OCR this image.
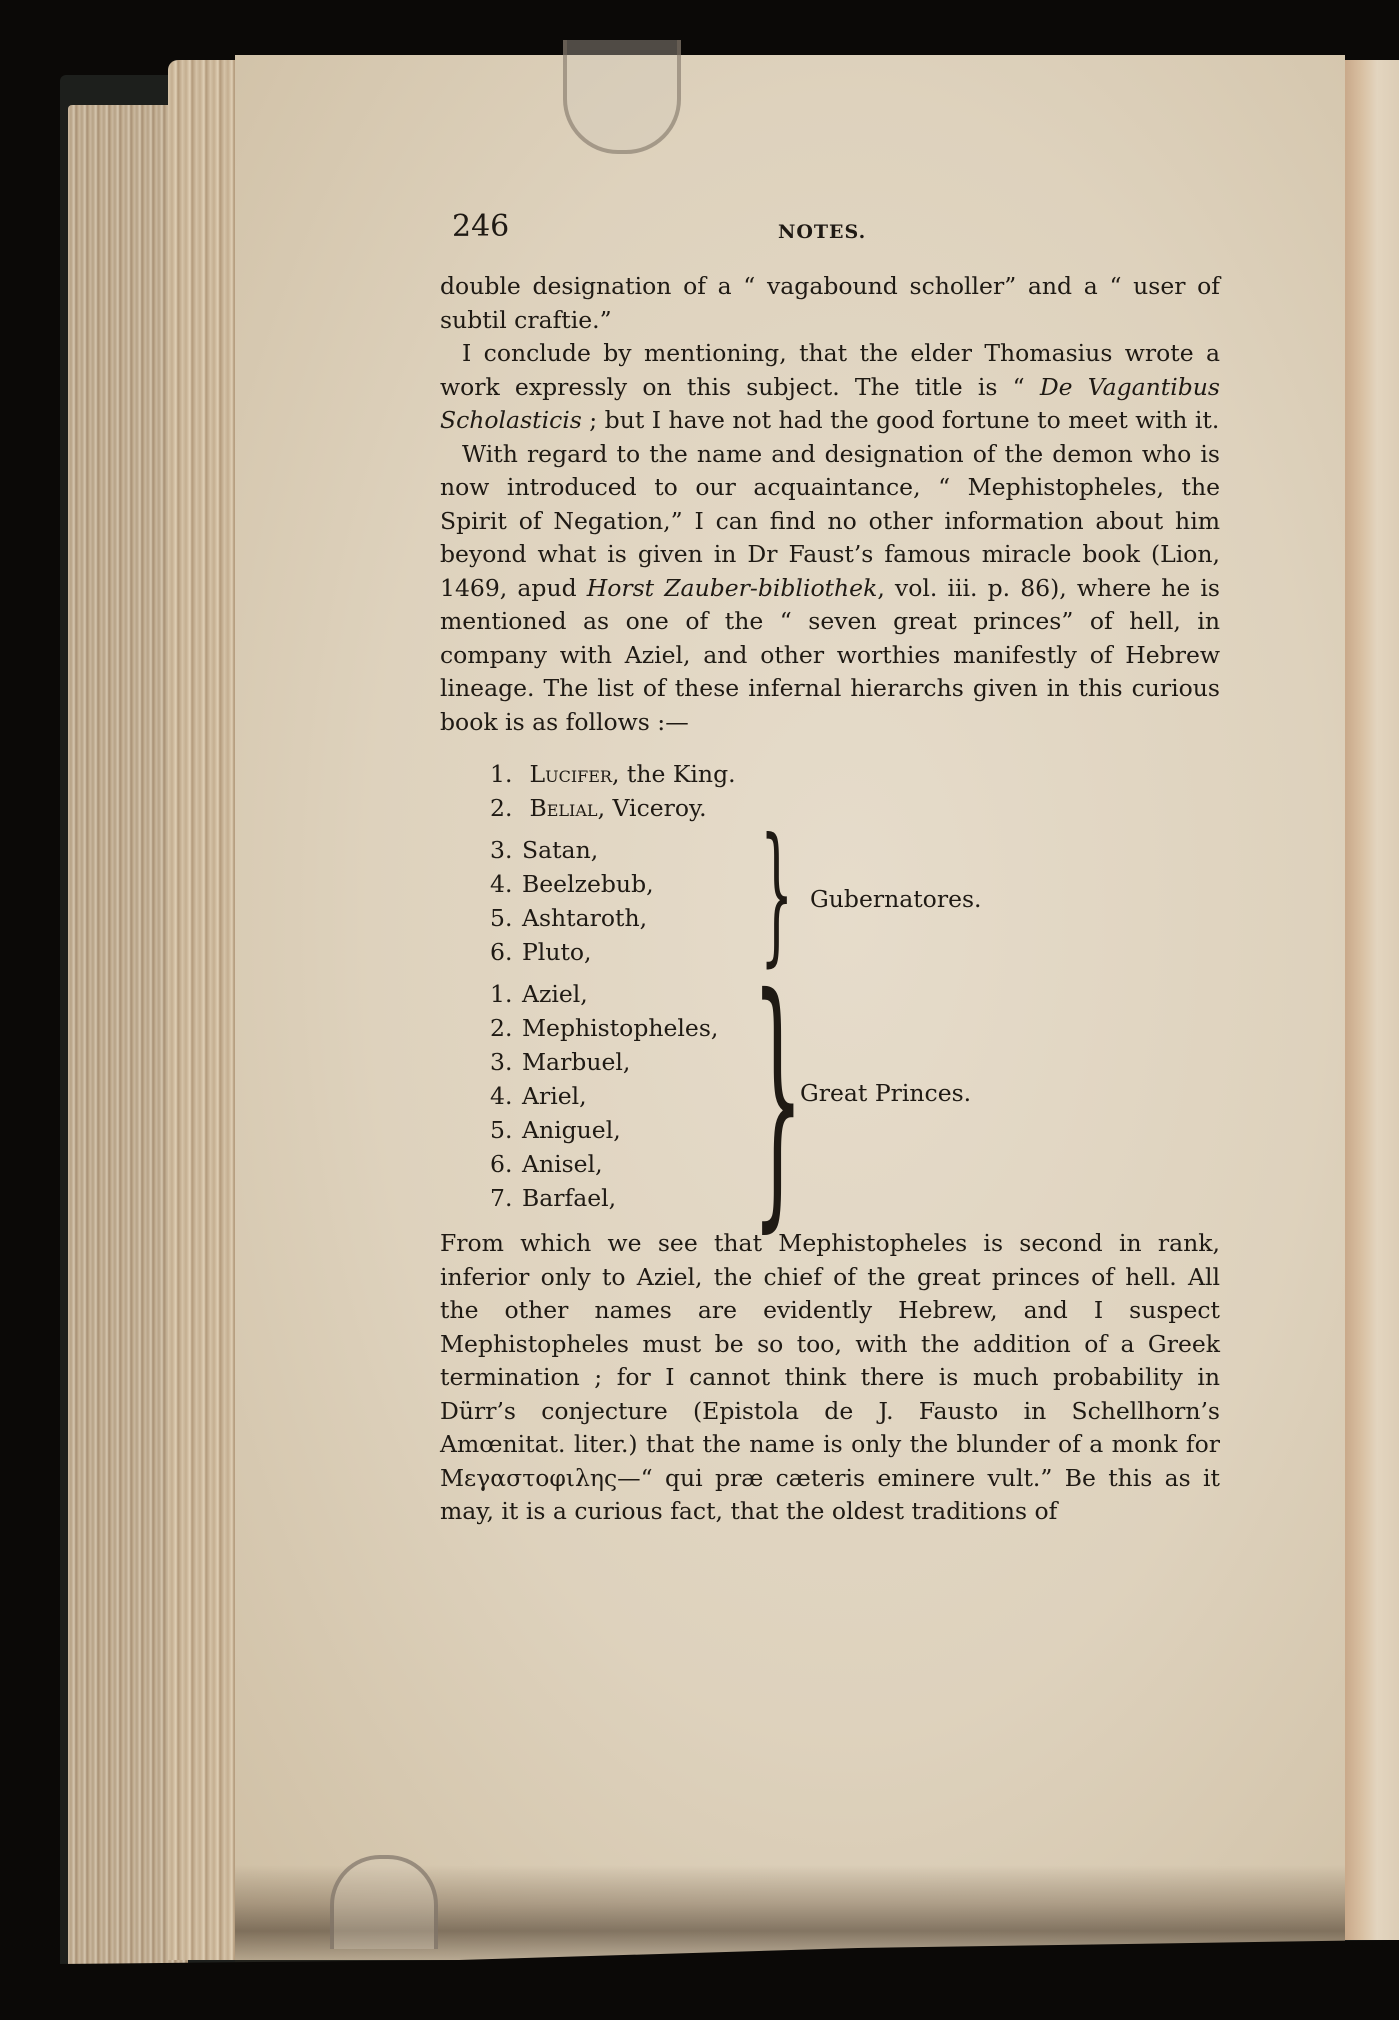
246	NOTES.

double designation of a “ vagabound scholler” and a “ user of subtil craftie.”

I conclude by mentioning, that the elder Thomasius wrote a work expressly on this subject. The title is “ De Vagantibus Scholasticis ; but I have not had the good fortune to meet with it.

With regard to the name and designation of the demon who is now introduced to our acquaintance, “ Mephistopheles, the Spirit of Negation,” I can find no other information about him beyond what is given in Dr Faust’s famous miracle book (Lion, 1469, apud Horst Zauber-bibliothek, vol. iii. p. 86), where he is mentioned as one of the “ seven great princes” of hell, in company with Aziel, and other worthies manifestly of Hebrew lineage. The list of these infernal hierarchs given in this curious book is as follows :—

1. Lucifer, the King.
2. Belial, Viceroy.
3. Satan,
4. Beelzebub,
5. Ashtaroth,
6. Pluto,	} Gubernatores.
1. Aziel,
2. Mephistopheles,
3. Marbuel,
4. Ariel,
5. Aniguel,
6. Anisel,
7. Barfael, }
Great Princes.

From which we see that Mephistopheles is second in rank, inferior only to Aziel, the chief of the great princes of hell. All the other names are evidently Hebrew, and I suspect Mephistopheles must be so too, with the addition of a Greek termination ; for I cannot think there is much probability in Dürr’s conjecture (Epistola de J. Fausto in Schellhorn’s Amœnitat. liter.) that the name is only the blunder of a monk for Μεγαστοφιλης—“ qui præ cæteris eminere vult.” Be this as it may, it is a curious fact, that the oldest traditions of
